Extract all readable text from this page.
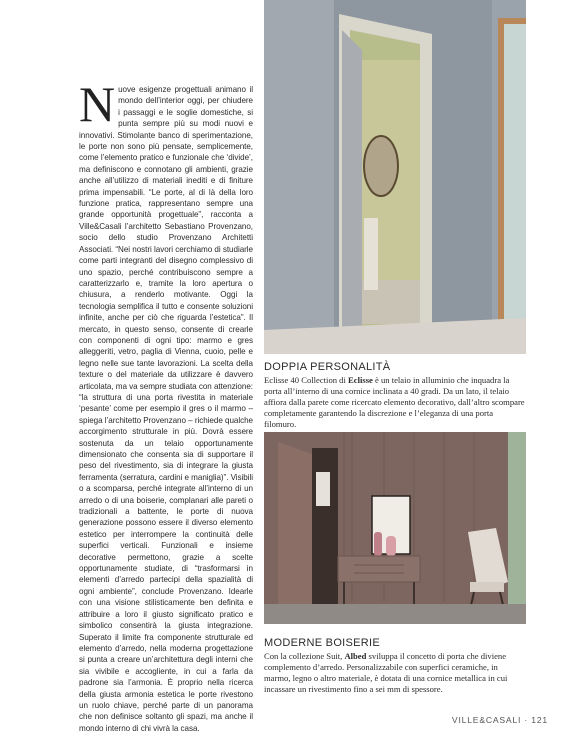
N uove esigenze progettuali animano il mondo dell’interior oggi, per chiudere i passaggi e le soglie domestiche, si punta sempre più su modi nuovi e innovativi. Stimolante banco di sperimentazione, le porte non sono più pensate, semplicemente, come l’elemento pratico e funzionale che ‘divide’, ma definiscono e connotano gli ambienti, grazie anche all’utilizzo di materiali inediti e di finiture prima impensabili. “Le porte, al di là della loro funzione pratica, rappresentano sempre una grande opportunità progettuale”, racconta a Ville&Casali l’architetto Sebastiano Provenzano, socio dello studio Provenzano Architetti Associati. “Nei nostri lavori cerchiamo di studiarle come parti integranti del disegno complessivo di uno spazio, perché contribuiscono sempre a caratterizzarlo e, tramite la loro apertura o chiusura, a renderlo motivante. Oggi la tecnologia semplifica il tutto e consente soluzioni infinite, anche per ciò che riguarda l’estetica”. Il mercato, in questo senso, consente di crearle con componenti di ogni tipo: marmo e gres alleggeriti, vetro, paglia di Vienna, cuoio, pelle e legno nelle sue tante lavorazioni. La scelta della texture o del materiale da utilizzare è davvero articolata, ma va sempre studiata con attenzione: “la struttura di una porta rivestita in materiale ‘pesante’ come per esempio il gres o il marmo – spiega l’architetto Provenzano – richiede qualche accorgimento strutturale in più. Dovrà essere sostenuta da un telaio opportunamente dimensionato che consenta sia di supportare il peso del rivestimento, sia di integrare la giusta ferramenta (serratura, cardini e maniglia)”. Visibili o a scomparsa, perché integrate all’interno di un arredo o di una boiserie, complanari alle pareti o tradizionali a battente, le porte di nuova generazione possono essere il diverso elemento estetico per interrompere la continuità delle superfici verticali. Funzionali e insieme decorative permettono, grazie a scelte opportunamente studiate, di “trasformarsi in elementi d’arredo partecipi della spazialità di ogni ambiente”, conclude Provenzano. Idearle con una visione stilisticamente ben definita e attribuire a loro il giusto significato pratico e simbolico consentirà la giusta integrazione. Superato il limite fra componente strutturale ed elemento d’arredo, nella moderna progettazione si punta a creare un’architettura degli interni che sia vivibile e accogliente, in cui a farla da padrone sia l’armonia. È proprio nella ricerca della giusta armonia estetica le porte rivestono un ruolo chiave, perché parte di un panorama che non definisce soltanto gli spazi, ma anche il mondo interno di chi vivrà la casa.

DOPPIA PERSONALITÀ
Eclisse 40 Collection di Eclisse è un telaio in alluminio che inquadra la porta all’interno di una cornice inclinata a 40 gradi. Da un lato, il telaio affiora dalla parete come ricercato elemento decorativo, dall’altro scompare completamente garantendo la discrezione e l’eleganza di una porta filomuro.
MODERNE BOISERIE
Con la collezione Suit, Albed sviluppa il concetto di porta che diviene complemento d’arredo. Personalizzabile con superfici ceramiche, in marmo, legno o altro materiale, è dotata di una cornice metallica in cui incassare un rivestimento fino a sei mm di spessore.
VILLE&CASALI · 121
